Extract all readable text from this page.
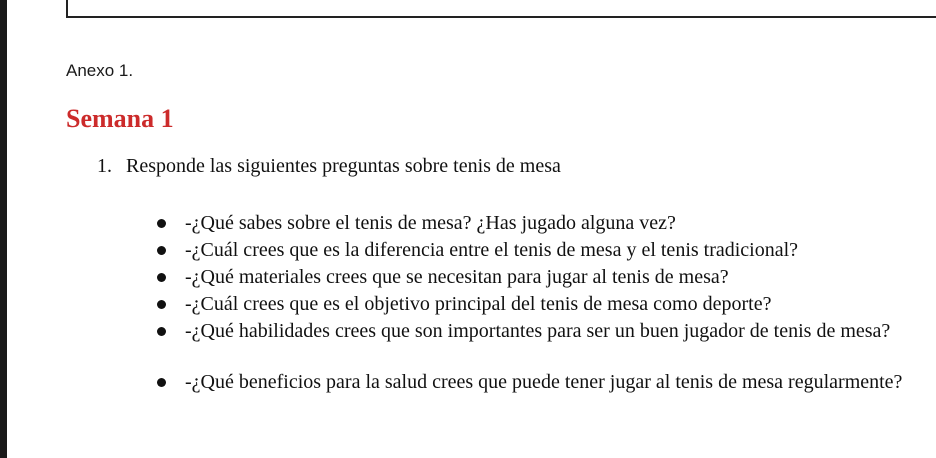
Anexo 1.
Semana 1
1. Responde las siguientes preguntas sobre tenis de mesa
-¿Qué sabes sobre el tenis de mesa? ¿Has jugado alguna vez?
-¿Cuál crees que es la diferencia entre el tenis de mesa y el tenis tradicional?
-¿Qué materiales crees que se necesitan para jugar al tenis de mesa?
-¿Cuál crees que es el objetivo principal del tenis de mesa como deporte?
-¿Qué habilidades crees que son importantes para ser un buen jugador de tenis de mesa?
-¿Qué beneficios para la salud crees que puede tener jugar al tenis de mesa regularmente?
